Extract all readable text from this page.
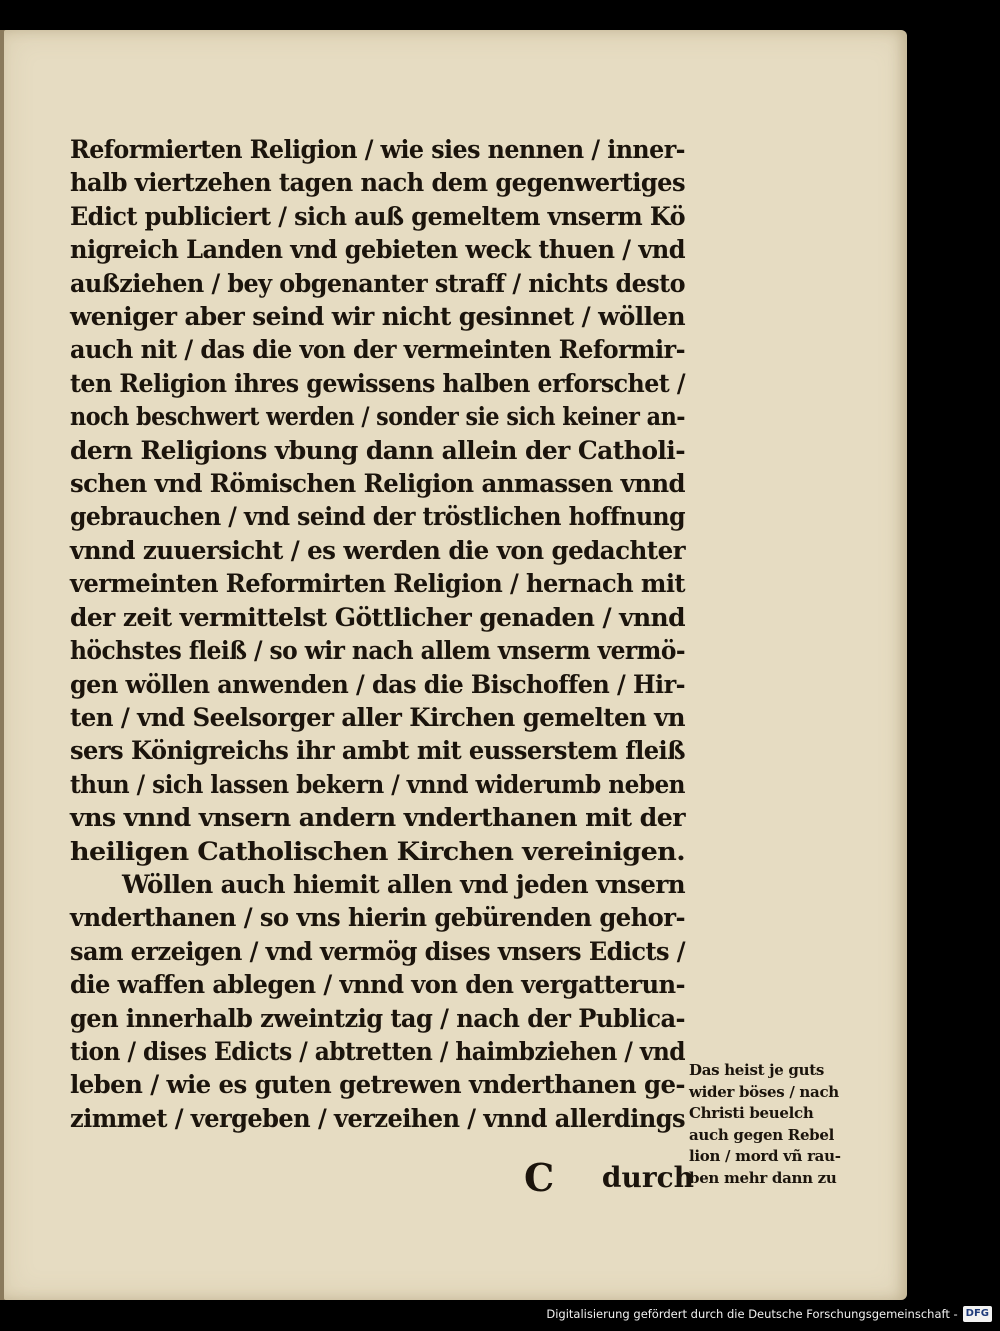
Reformierten Religion / wie sies nennen / inner-
halb viertzehen tagen nach dem gegenwertiges
Edict publiciert / sich auß gemeltem vnserm Kö
nigreich Landen vnd gebieten weck thuen / vnd
außziehen / bey obgenanter straff / nichts desto
weniger aber seind wir nicht gesinnet / wöllen
auch nit / das die von der vermeinten Reformir-
ten Religion ihres gewissens halben erforschet /
noch beschwert werden / sonder sie sich keiner an-
dern Religions vbung dann allein der Catholi-
schen vnd Römischen Religion anmassen vnnd
gebrauchen / vnd seind der tröstlichen hoffnung
vnnd zuuersicht / es werden die von gedachter
vermeinten Reformirten Religion / hernach mit
der zeit vermittelst Göttlicher genaden / vnnd
höchstes fleiß / so wir nach allem vnserm vermö-
gen wöllen anwenden / das die Bischoffen / Hir-
ten / vnd Seelsorger aller Kirchen gemelten vn
sers Königreichs ihr ambt mit eusserstem fleiß
thun / sich lassen bekern / vnnd widerumb neben
vns vnnd vnsern andern vnderthanen mit der
heiligen Catholischen Kirchen vereinigen.
Wöllen auch hiemit allen vnd jeden vnsern
vnderthanen / so vns hierin gebürenden gehor-
sam erzeigen / vnd vermög dises vnsers Edicts /
die waffen ablegen / vnnd von den vergatterun-
gen innerhalb zweintzig tag / nach der Publica-
tion / dises Edicts / abtretten / haimbziehen / vnd
leben / wie es guten getrewen vnderthanen ge-
zimmet / vergeben / verzeihen / vnnd allerdings
C durch
Das heist je guts
wider böses / nach
Christi beuelch
auch gegen Rebel
lion / mord vñ rau-
ben mehr dann zu
Digitalisierung gefördert durch die Deutsche Forschungsgemeinschaft - DFG
